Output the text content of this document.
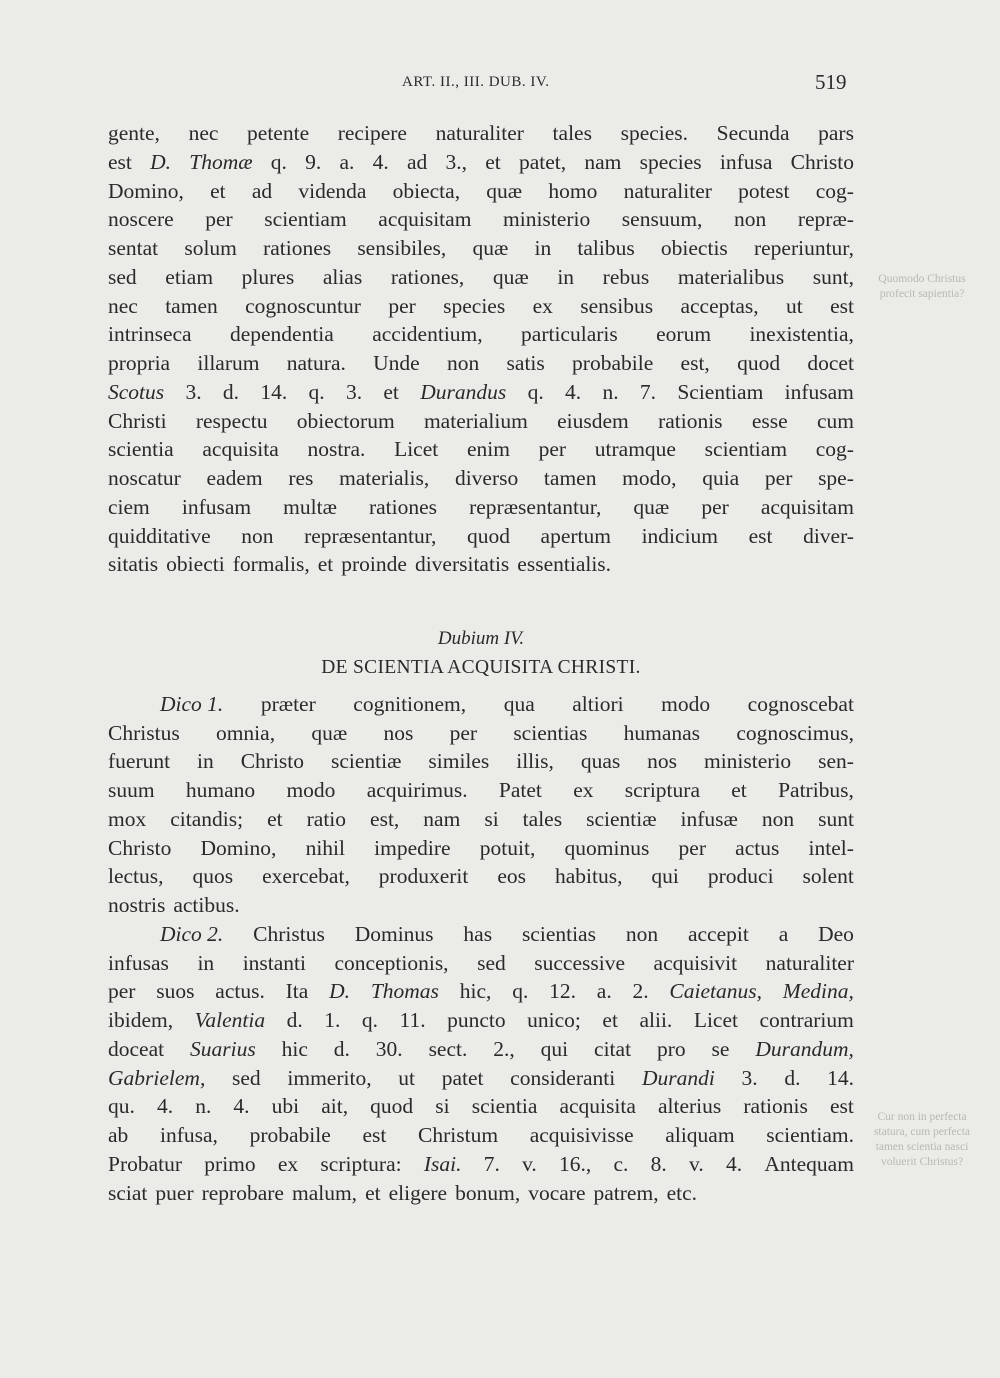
ART. II., III. DUB. IV.	519
gente, nec petente recipere naturaliter tales species. Secunda pars
est D. Thomæ q. 9. a. 4. ad 3., et patet, nam species infusa Christo
Domino, et ad videnda obiecta, quæ homo naturaliter potest cog-
noscere per scientiam acquisitam ministerio sensuum, non repræ-
sentat solum rationes sensibiles, quæ in talibus obiectis reperiuntur,
sed etiam plures alias rationes, quæ in rebus materialibus sunt,
nec tamen cognoscuntur per species ex sensibus acceptas, ut est
intrinseca dependentia accidentium, particularis eorum inexistentia,
propria illarum natura. Unde non satis probabile est, quod docet
Scotus 3. d. 14. q. 3. et Durandus q. 4. n. 7. Scientiam infusam
Christi respectu obiectorum materialium eiusdem rationis esse cum
scientia acquisita nostra. Licet enim per utramque scientiam cog-
noscatur eadem res materialis, diverso tamen modo, quia per spe-
ciem infusam multæ rationes repræsentantur, quæ per acquisitam
quidditative non repræsentantur, quod apertum indicium est diver-
sitatis obiecti formalis, et proinde diversitatis essentialis.
Dubium IV.
DE SCIENTIA ACQUISITA CHRISTI.
Dico 1. præter cognitionem, qua altiori modo cognoscebat
Christus omnia, quæ nos per scientias humanas cognoscimus,
fuerunt in Christo scientiæ similes illis, quas nos ministerio sen-
suum humano modo acquirimus. Patet ex scriptura et Patribus,
mox citandis; et ratio est, nam si tales scientiæ infusæ non sunt
Christo Domino, nihil impedire potuit, quominus per actus intel-
lectus, quos exercebat, produxerit eos habitus, qui produci solent
nostris actibus.
Dico 2. Christus Dominus has scientias non accepit a Deo
infusas in instanti conceptionis, sed successive acquisivit naturaliter
per suos actus. Ita D. Thomas hic, q. 12. a. 2. Caietanus, Medina,
ibidem, Valentia d. 1. q. 11. puncto unico; et alii. Licet contrarium
doceat Suarius hic d. 30. sect. 2., qui citat pro se Durandum,
Gabrielem, sed immerito, ut patet consideranti Durandi 3. d. 14.
qu. 4. n. 4. ubi ait, quod si scientia acquisita alterius rationis est
ab infusa, probabile est Christum acquisivisse aliquam scientiam.
Probatur primo ex scriptura: Isai. 7. v. 16., c. 8. v. 4. Antequam
sciat puer reprobare malum, et eligere bonum, vocare patrem, etc.
Quomodo Christus profecit sapientia?
Cur non in perfecta statura, cum perfecta tamen scientia nasci voluerit Christus?
